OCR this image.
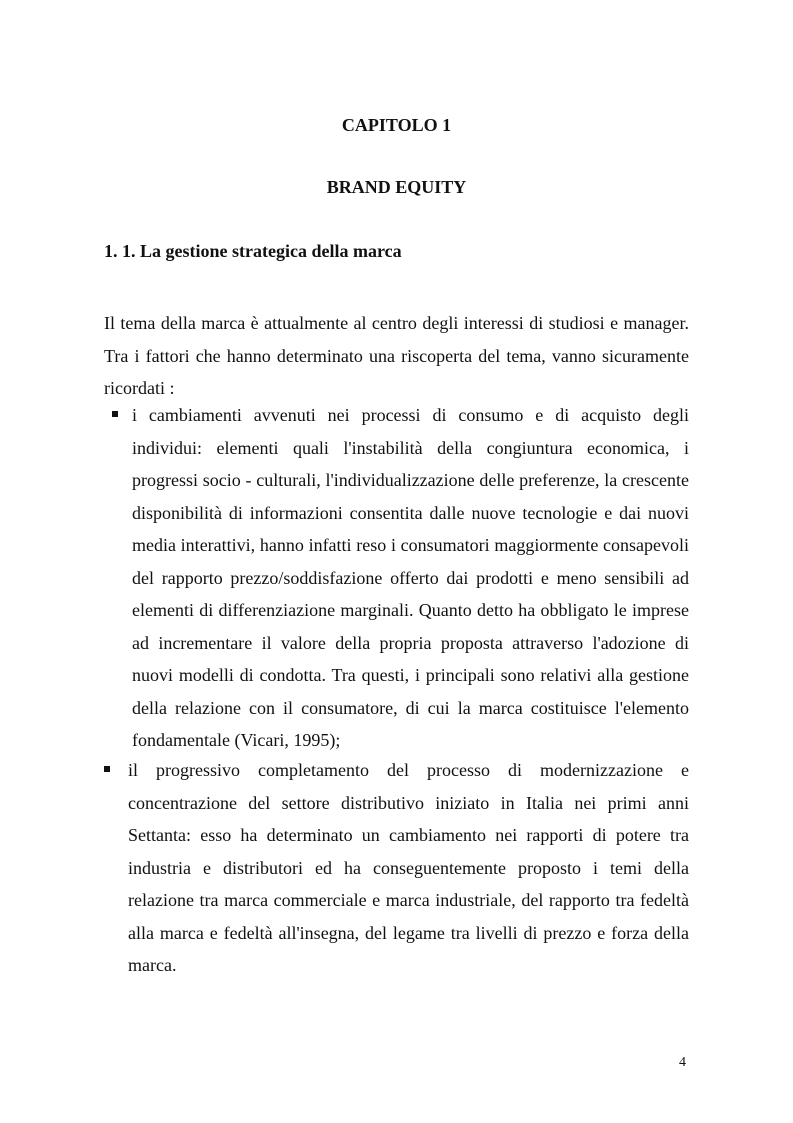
CAPITOLO 1
BRAND EQUITY
1. 1. La gestione strategica della marca

Il tema della marca è attualmente al centro degli interessi di studiosi e manager. Tra i fattori che hanno determinato una riscoperta del tema, vanno sicuramente ricordati :

i cambiamenti avvenuti nei processi di consumo e di acquisto degli individui: elementi quali l'instabilità della congiuntura economica, i progressi socio - culturali, l'individualizzazione delle preferenze, la crescente disponibilità di informazioni consentita dalle nuove tecnologie e dai nuovi media interattivi, hanno infatti reso i consumatori maggiormente consapevoli del rapporto prezzo/soddisfazione offerto dai prodotti e meno sensibili ad elementi di differenziazione marginali. Quanto detto ha obbligato le imprese ad incrementare il valore della propria proposta attraverso l'adozione di nuovi modelli di condotta. Tra questi, i principali sono relativi alla gestione della relazione con il consumatore, di cui la marca costituisce l'elemento fondamentale (Vicari, 1995);
il progressivo completamento del processo di modernizzazione e concentrazione del settore distributivo iniziato in Italia nei primi anni Settanta: esso ha determinato un cambiamento nei rapporti di potere tra industria e distributori ed ha conseguentemente proposto i temi della relazione tra marca commerciale e marca industriale, del rapporto tra fedeltà alla marca e fedeltà all'insegna, del legame tra livelli di prezzo e forza della marca.

4
